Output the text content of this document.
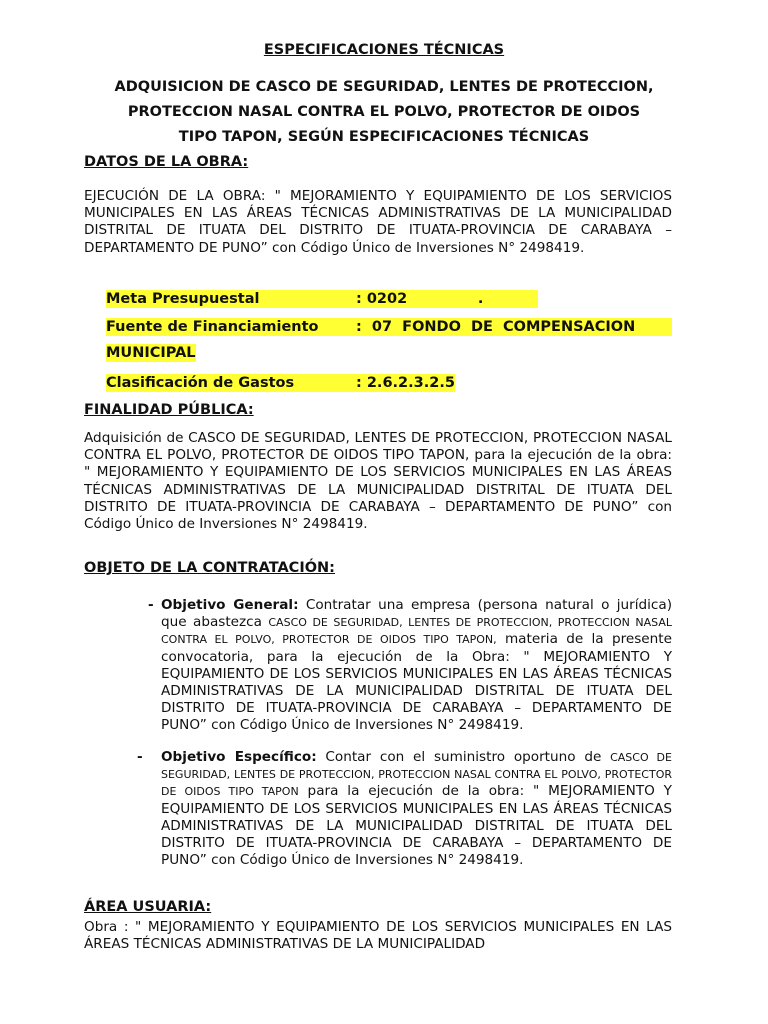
ESPECIFICACIONES TÉCNICAS
ADQUISICION DE CASCO DE SEGURIDAD, LENTES DE PROTECCION,
PROTECCION NASAL CONTRA EL POLVO, PROTECTOR DE OIDOS
TIPO TAPON, SEGÚN ESPECIFICACIONES TÉCNICAS
DATOS DE LA OBRA:
EJECUCIÓN DE LA OBRA: " MEJORAMIENTO Y EQUIPAMIENTO DE LOS SERVICIOS MUNICIPALES EN LAS ÁREAS TÉCNICAS ADMINISTRATIVAS DE LA MUNICIPALIDAD DISTRITAL DE ITUATA DEL DISTRITO DE ITUATA-PROVINCIA DE CARABAYA – DEPARTAMENTO DE PUNO” con Código Único de Inversiones N° 2498419.
Meta Presupuestal	: 0202              .
Fuente de Financiamiento	:  07  FONDO  DE  COMPENSACION
MUNICIPAL
Clasificación de Gastos	: 2.6.2.3.2.5
FINALIDAD PÚBLICA:
Adquisición de CASCO DE SEGURIDAD, LENTES DE PROTECCION, PROTECCION NASAL CONTRA EL POLVO, PROTECTOR DE OIDOS TIPO TAPON, para la ejecución de la obra: " MEJORAMIENTO Y EQUIPAMIENTO DE LOS SERVICIOS MUNICIPALES EN LAS ÁREAS TÉCNICAS ADMINISTRATIVAS DE LA MUNICIPALIDAD DISTRITAL DE ITUATA DEL DISTRITO DE ITUATA-PROVINCIA DE CARABAYA – DEPARTAMENTO DE PUNO” con Código Único de Inversiones N° 2498419.
OBJETO DE LA CONTRATACIÓN:
- Objetivo General: Contratar una empresa (persona natural o jurídica) que abastezca CASCO DE SEGURIDAD, LENTES DE PROTECCION, PROTECCION NASAL CONTRA EL POLVO, PROTECTOR DE OIDOS TIPO TAPON, materia de la presente convocatoria, para la ejecución de la Obra: " MEJORAMIENTO Y EQUIPAMIENTO DE LOS SERVICIOS MUNICIPALES EN LAS ÁREAS TÉCNICAS ADMINISTRATIVAS DE LA MUNICIPALIDAD DISTRITAL DE ITUATA DEL DISTRITO DE ITUATA-PROVINCIA DE CARABAYA – DEPARTAMENTO DE PUNO” con Código Único de Inversiones N° 2498419.
- Objetivo Específico: Contar con el suministro oportuno de CASCO DE SEGURIDAD, LENTES DE PROTECCION, PROTECCION NASAL CONTRA EL POLVO, PROTECTOR DE OIDOS TIPO TAPON para la ejecución de la obra: " MEJORAMIENTO Y EQUIPAMIENTO DE LOS SERVICIOS MUNICIPALES EN LAS ÁREAS TÉCNICAS ADMINISTRATIVAS DE LA MUNICIPALIDAD DISTRITAL DE ITUATA DEL DISTRITO DE ITUATA-PROVINCIA DE CARABAYA – DEPARTAMENTO DE PUNO” con Código Único de Inversiones N° 2498419.
ÁREA USUARIA:
Obra : " MEJORAMIENTO Y EQUIPAMIENTO DE LOS SERVICIOS MUNICIPALES EN LAS ÁREAS TÉCNICAS ADMINISTRATIVAS DE LA MUNICIPALIDAD
